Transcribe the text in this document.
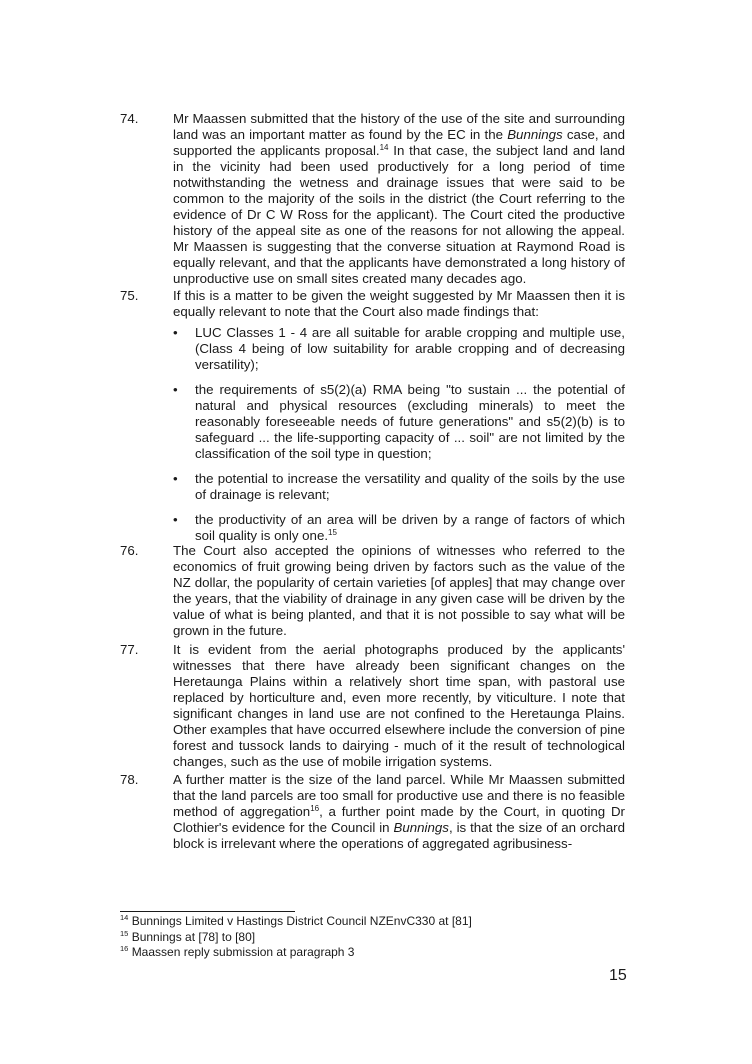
74.	Mr Maassen submitted that the history of the use of the site and surrounding land was an important matter as found by the EC in the Bunnings case, and supported the applicants proposal.$^{14}$ In that case, the subject land and land in the vicinity had been used productively for a long period of time notwithstanding the wetness and drainage issues that were said to be common to the majority of the soils in the district (the Court referring to the evidence of Dr C W Ross for the applicant). The Court cited the productive history of the appeal site as one of the reasons for not allowing the appeal. Mr Maassen is suggesting that the converse situation at Raymond Road is equally relevant, and that the applicants have demonstrated a long history of unproductive use on small sites created many decades ago.
75.	If this is a matter to be given the weight suggested by Mr Maassen then it is equally relevant to note that the Court also made findings that:
•	LUC Classes 1 - 4 are all suitable for arable cropping and multiple use, (Class 4 being of low suitability for arable cropping and of decreasing versatility);
•	the requirements of s5(2)(a) RMA being "to sustain ... the potential of natural and physical resources (excluding minerals) to meet the reasonably foreseeable needs of future generations" and s5(2)(b) is to safeguard ... the life-supporting capacity of ... soil" are not limited by the classification of the soil type in question;
•	the potential to increase the versatility and quality of the soils by the use of drainage is relevant;
•	the productivity of an area will be driven by a range of factors of which soil quality is only one.$^{15}$
76.	The Court also accepted the opinions of witnesses who referred to the economics of fruit growing being driven by factors such as the value of the NZ dollar, the popularity of certain varieties [of apples] that may change over the years, that the viability of drainage in any given case will be driven by the value of what is being planted, and that it is not possible to say what will be grown in the future.
77.	It is evident from the aerial photographs produced by the applicants' witnesses that there have already been significant changes on the Heretaunga Plains within a relatively short time span, with pastoral use replaced by horticulture and, even more recently, by viticulture. I note that significant changes in land use are not confined to the Heretaunga Plains. Other examples that have occurred elsewhere include the conversion of pine forest and tussock lands to dairying - much of it the result of technological changes, such as the use of mobile irrigation systems.
78.	A further matter is the size of the land parcel. While Mr Maassen submitted that the land parcels are too small for productive use and there is no feasible method of aggregation$^{16}$, a further point made by the Court, in quoting Dr Clothier's evidence for the Council in Bunnings, is that the size of an orchard block is irrelevant where the operations of aggregated agribusiness-
$^{14}$ Bunnings Limited v Hastings District Council NZEnvC330 at [81]
$^{15}$ Bunnings at [78] to [80]
$^{16}$ Maassen reply submission at paragraph 3
15
